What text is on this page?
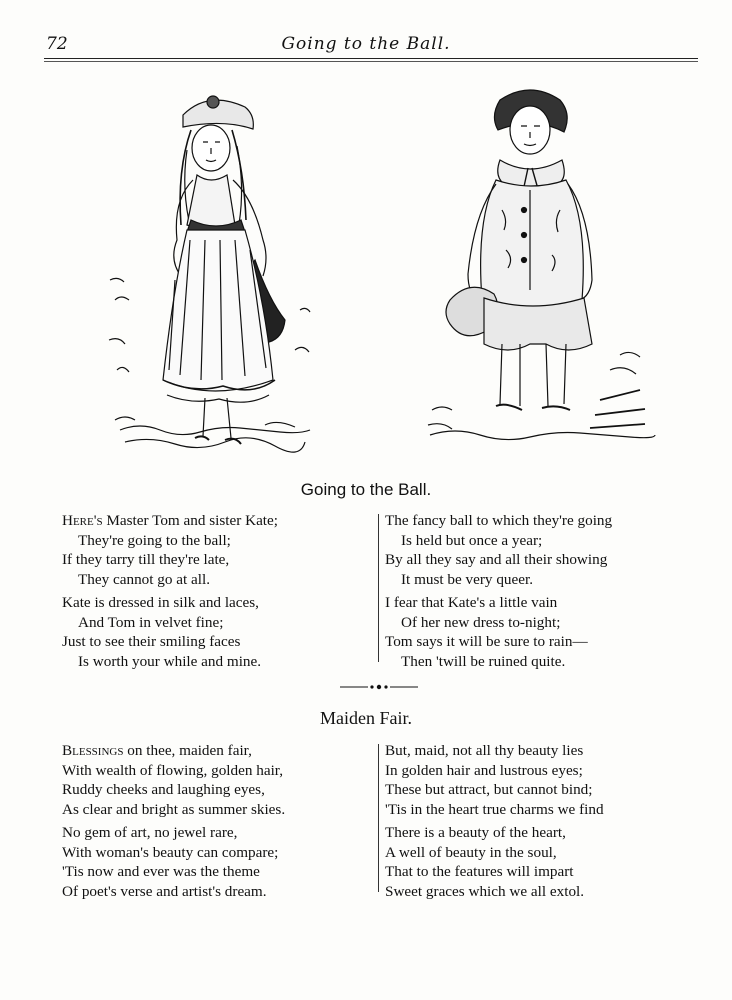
72	Going to the Ball.
Going to the Ball.
Here's Master Tom and sister Kate;
They're going to the ball;
If they tarry till they're late,
They cannot go at all.
Kate is dressed in silk and laces,
And Tom in velvet fine;
Just to see their smiling faces
Is worth your while and mine.
The fancy ball to which they're going
Is held but once a year;
By all they say and all their showing
It must be very queer.
I fear that Kate's a little vain
Of her new dress to-night;
Tom says it will be sure to rain—
Then 'twill be ruined quite.
Maiden Fair.
Blessings on thee, maiden fair,
With wealth of flowing, golden hair,
Ruddy cheeks and laughing eyes,
As clear and bright as summer skies.
No gem of art, no jewel rare,
With woman's beauty can compare;
'Tis now and ever was the theme
Of poet's verse and artist's dream.
But, maid, not all thy beauty lies
In golden hair and lustrous eyes;
These but attract, but cannot bind;
'Tis in the heart true charms we find
There is a beauty of the heart,
A well of beauty in the soul,
That to the features will impart
Sweet graces which we all extol.
